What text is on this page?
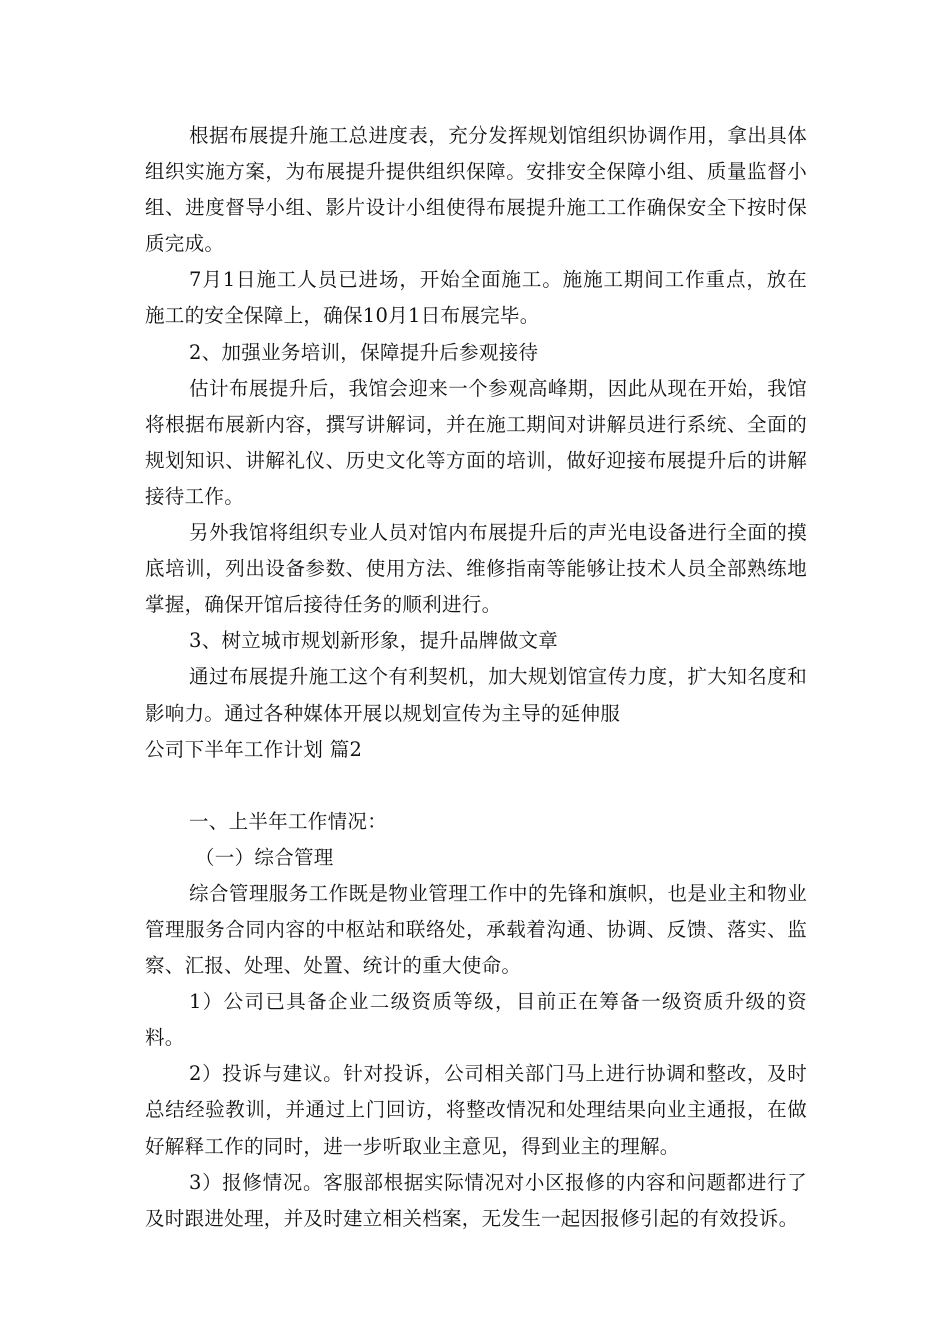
根据布展提升施工总进度表，充分发挥规划馆组织协调作用，拿出具体组织实施方案，为布展提升提供组织保障。安排安全保障小组、质量监督小组、进度督导小组、影片设计小组使得布展提升施工工作确保安全下按时保质完成。

7月1日施工人员已进场，开始全面施工。施施工期间工作重点，放在施工的安全保障上，确保10月1日布展完毕。

2、加强业务培训，保障提升后参观接待

估计布展提升后，我馆会迎来一个参观高峰期，因此从现在开始，我馆将根据布展新内容，撰写讲解词，并在施工期间对讲解员进行系统、全面的规划知识、讲解礼仪、历史文化等方面的培训，做好迎接布展提升后的讲解接待工作。

另外我馆将组织专业人员对馆内布展提升后的声光电设备进行全面的摸底培训，列出设备参数、使用方法、维修指南等能够让技术人员全部熟练地掌握，确保开馆后接待任务的顺利进行。

3、树立城市规划新形象，提升品牌做文章

通过布展提升施工这个有利契机，加大规划馆宣传力度，扩大知名度和影响力。通过各种媒体开展以规划宣传为主导的延伸服

公司下半年工作计划 篇2

一、上半年工作情况：

（一）综合管理

综合管理服务工作既是物业管理工作中的先锋和旗帜，也是业主和物业管理服务合同内容的中枢站和联络处，承载着沟通、协调、反馈、落实、监察、汇报、处理、处置、统计的重大使命。

1）公司已具备企业二级资质等级，目前正在筹备一级资质升级的资料。

2）投诉与建议。针对投诉，公司相关部门马上进行协调和整改，及时总结经验教训，并通过上门回访，将整改情况和处理结果向业主通报，在做好解释工作的同时，进一步听取业主意见，得到业主的理解。

3）报修情况。客服部根据实际情况对小区报修的内容和问题都进行了及时跟进处理，并及时建立相关档案，无发生一起因报修引起的有效投诉。
